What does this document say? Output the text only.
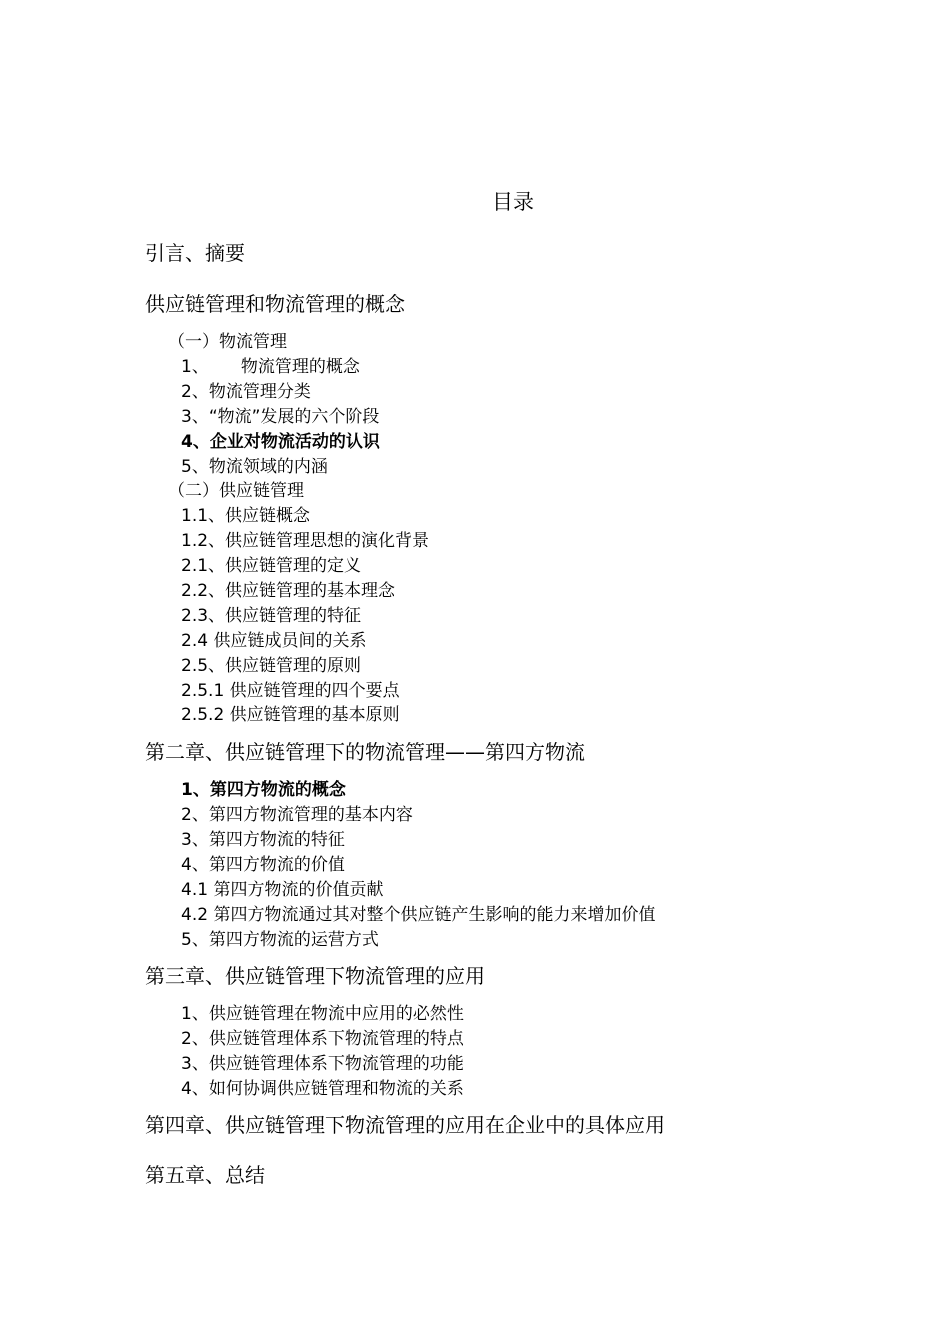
目录
引言、摘要
供应链管理和物流管理的概念
（一）物流管理
1、 物流管理的概念
2、物流管理分类
3、“物流”发展的六个阶段
4、企业对物流活动的认识
5、物流领域的内涵
（二）供应链管理
1.1、供应链概念
1.2、供应链管理思想的演化背景
2.1、供应链管理的定义
2.2、供应链管理的基本理念
2.3、供应链管理的特征
2.4 供应链成员间的关系
2.5、供应链管理的原则
2.5.1 供应链管理的四个要点
2.5.2 供应链管理的基本原则
第二章、供应链管理下的物流管理——第四方物流
1、第四方物流的概念
2、第四方物流管理的基本内容
3、第四方物流的特征
4、第四方物流的价值
4.1 第四方物流的价值贡献
4.2 第四方物流通过其对整个供应链产生影响的能力来增加价值
5、第四方物流的运营方式
第三章、供应链管理下物流管理的应用
1、供应链管理在物流中应用的必然性
2、供应链管理体系下物流管理的特点
3、供应链管理体系下物流管理的功能
4、如何协调供应链管理和物流的关系
第四章、供应链管理下物流管理的应用在企业中的具体应用
第五章、总结
